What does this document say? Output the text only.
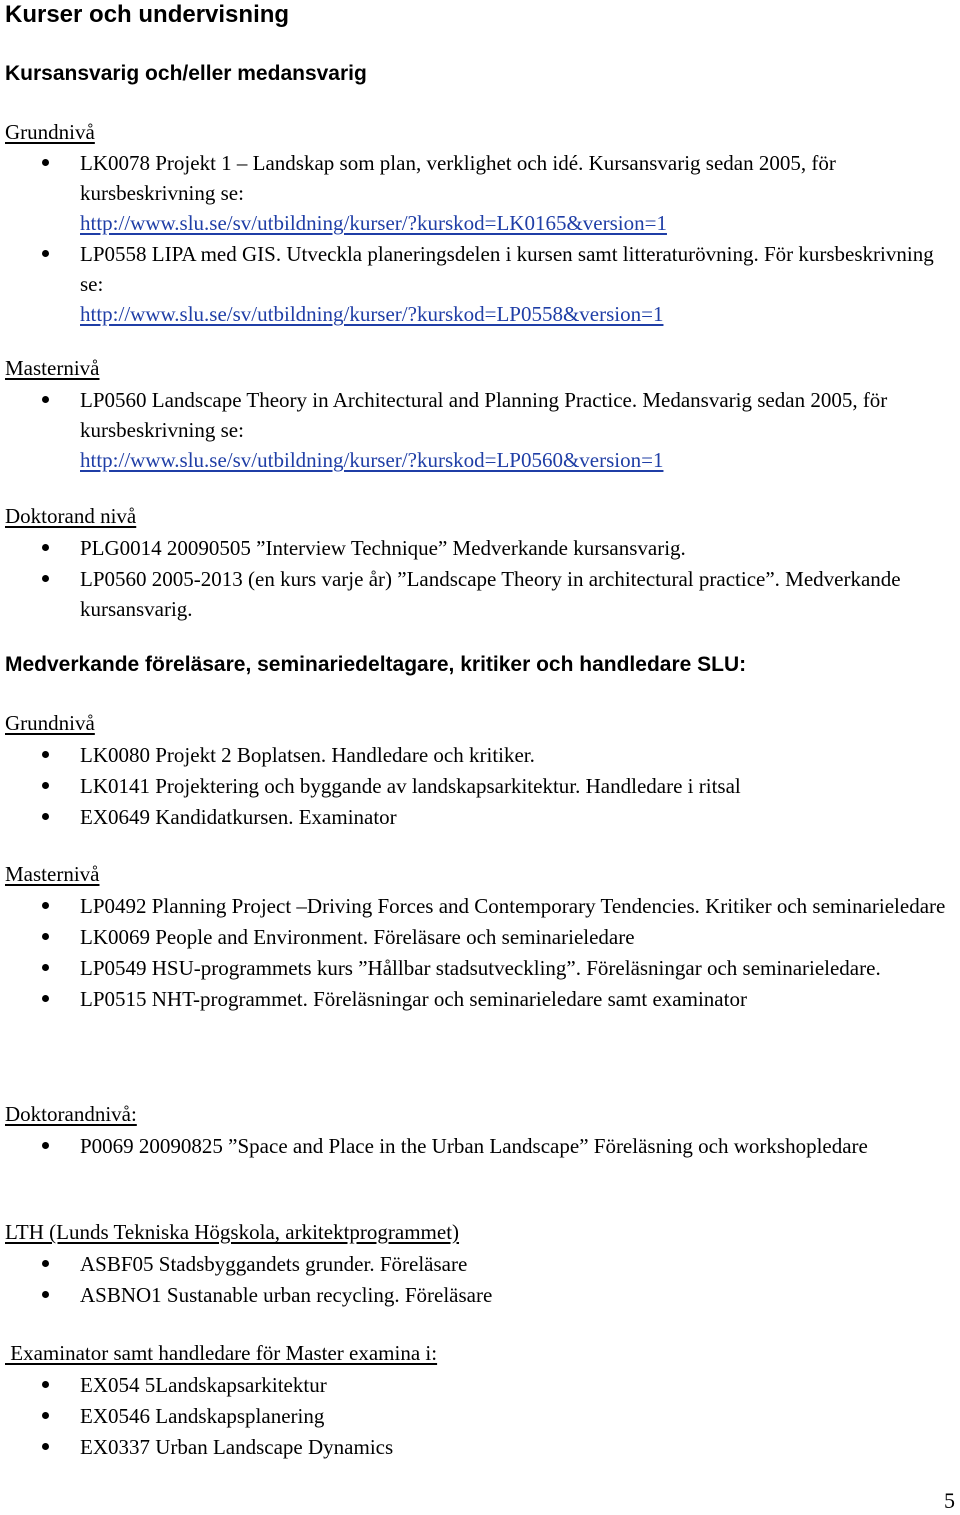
Kurser och undervisning
Kursansvarig och/eller medansvarig
Grundnivå
LK0078 Projekt 1 – Landskap som plan, verklighet och idé. Kursansvarig sedan 2005, för kursbeskrivning se:
http://www.slu.se/sv/utbildning/kurser/?kurskod=LK0165&version=1
LP0558 LIPA med GIS. Utveckla planeringsdelen i kursen samt litteraturövning. För kursbeskrivning se:
http://www.slu.se/sv/utbildning/kurser/?kurskod=LP0558&version=1
Masternivå
LP0560 Landscape Theory in Architectural and Planning Practice. Medansvarig sedan 2005, för kursbeskrivning se:
http://www.slu.se/sv/utbildning/kurser/?kurskod=LP0560&version=1
Doktorand nivå
PLG0014 20090505 ”Interview Technique” Medverkande kursansvarig.
LP0560 2005-2013 (en kurs varje år) ”Landscape Theory in architectural practice”. Medverkande kursansvarig.
Medverkande föreläsare, seminariedeltagare, kritiker och handledare SLU:
Grundnivå
LK0080 Projekt 2 Boplatsen. Handledare och kritiker.
LK0141 Projektering och byggande av landskapsarkitektur. Handledare i ritsal
EX0649 Kandidatkursen. Examinator
Masternivå
LP0492 Planning Project –Driving Forces and Contemporary Tendencies. Kritiker och seminarieledare
LK0069 People and Environment. Föreläsare och seminarieledare
LP0549 HSU-programmets kurs ”Hållbar stadsutveckling”. Föreläsningar och seminarieledare.
LP0515 NHT-programmet. Föreläsningar och seminarieledare samt examinator
Doktorandnivå:
P0069 20090825 ”Space and Place in the Urban Landscape” Föreläsning och workshopledare
LTH (Lunds Tekniska Högskola, arkitektprogrammet)
ASBF05 Stadsbyggandets grunder. Föreläsare
ASBNO1 Sustanable urban recycling. Föreläsare
Examinator samt handledare för Master examina i:
EX054 5Landskapsarkitektur
EX0546 Landskapsplanering
EX0337 Urban Landscape Dynamics
5
